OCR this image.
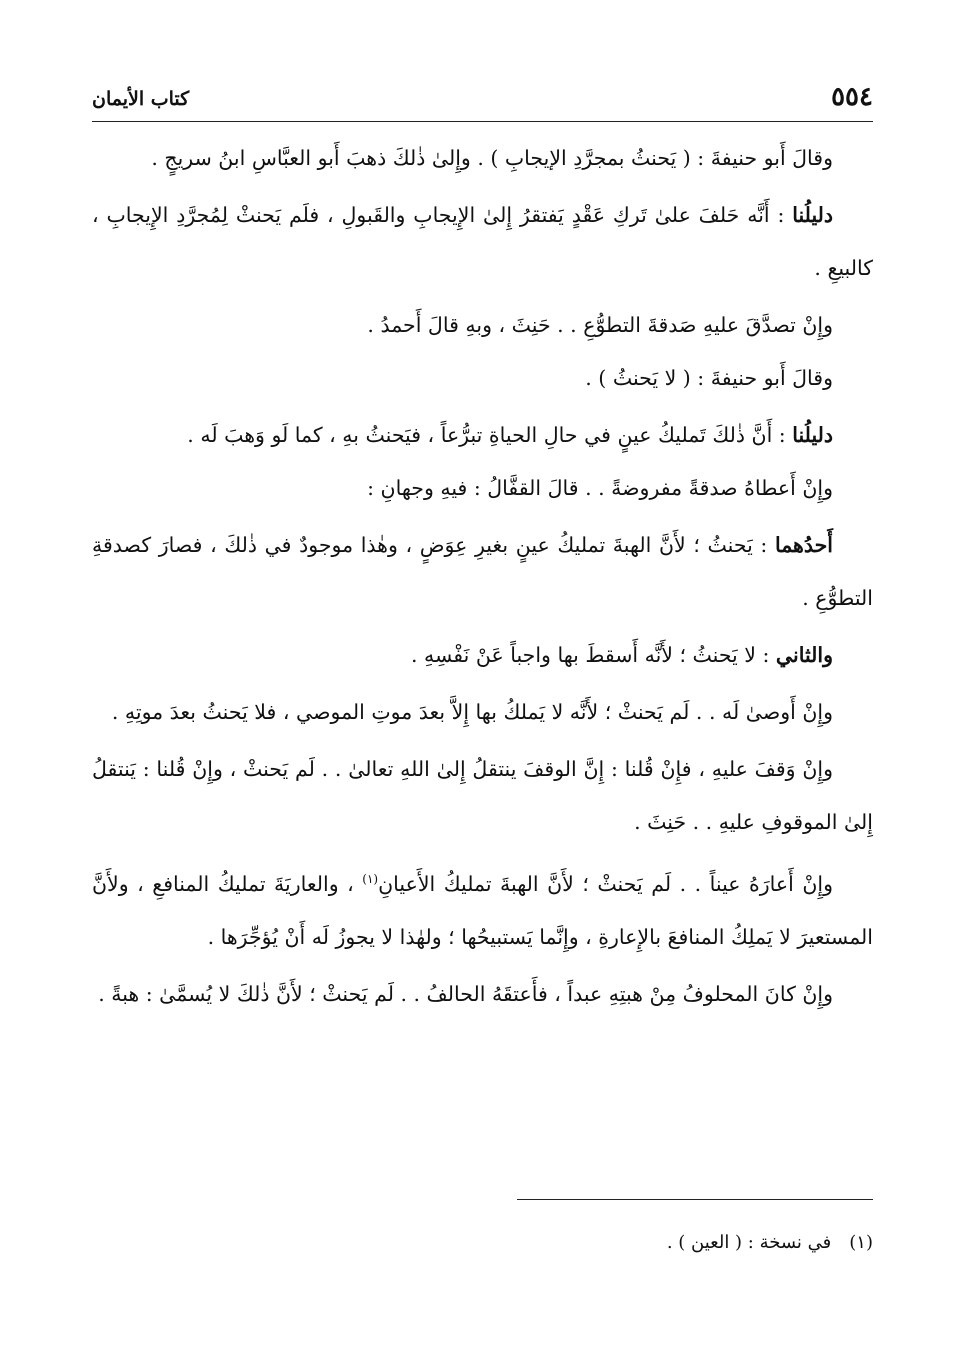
٥٥٤
كتاب الأيمان

وقالَ أَبو حنيفةَ : ( يَحنثُ بمجرَّدِ الإيجابِ ) . وإِلىٰ ذٰلكَ ذهبَ أَبو العبَّاسِ ابنُ سريجٍ .

دليلُنا : أَنَّه حَلفَ علىٰ تَركِ عَقْدٍ يَفتقرُ إِلىٰ الإِيجابِ والقَبولِ ، فلَم يَحنثْ لِمُجرَّدِ الإِيجابِ ، كالبيعِ .

وإِنْ تصدَّقَ عليهِ صَدقةَ التطوُّعِ . . حَنِثَ ، وبهِ قالَ أَحمدُ .

وقالَ أَبو حنيفةَ : ( لا يَحنثُ ) .

دليلُنا : أَنَّ ذٰلكَ تَمليكُ عينٍ في حالِ الحياةِ تبرُّعاً ، فيَحنثُ بهِ ، كما لَو وَهبَ لَه .

وإِنْ أَعطاهُ صدقةً مفروضةً . . قالَ القفَّالُ : فيهِ وجهانِ :

أَحدُهما : يَحنثُ ؛ لأَنَّ الهبةَ تمليكُ عينٍ بغيرِ عِوَضٍ ، وهٰذا موجودٌ في ذٰلكَ ، فصارَ كصدقةِ التطوُّعِ .

والثاني : لا يَحنثُ ؛ لأَنَّه أَسقطَ بها واجباً عَنْ نَفْسِهِ .

وإِنْ أَوصىٰ لَه . . لَم يَحنثْ ؛ لأَنَّه لا يَملكُ بها إِلاَّ بعدَ موتِ الموصي ، فلا يَحنثُ بعدَ موتِهِ .

وإِنْ وَقفَ عليهِ ، فإِنْ قُلنا : إِنَّ الوقفَ ينتقلُ إِلىٰ اللهِ تعالىٰ . . لَم يَحنثْ ، وإِنْ قُلنا : يَنتقلُ إِلىٰ الموقوفِ عليهِ . . حَنِثَ .

وإِنْ أَعارَهُ عيناً . . لَم يَحنثْ ؛ لأَنَّ الهبةَ تمليكُ الأَعيانِ$^{(١)}$ ، والعاريَةَ تمليكُ المنافعِ ، ولأَنَّ المستعيرَ لا يَملِكُ المنافعَ بالإِعارةِ ، وإِنَّما يَستبيحُها ؛ ولهٰذا لا يجوزُ لَه أَنْ يُؤجِّرَها .

وإِنْ كانَ المحلوفُ مِنْ هبتِهِ عبداً ، فأَعتقَهُ الحالفُ . . لَم يَحنثْ ؛ لأَنَّ ذٰلكَ لا يُسمَّىٰ : هبةً .

(١)في نسخة : ( العين ) .
